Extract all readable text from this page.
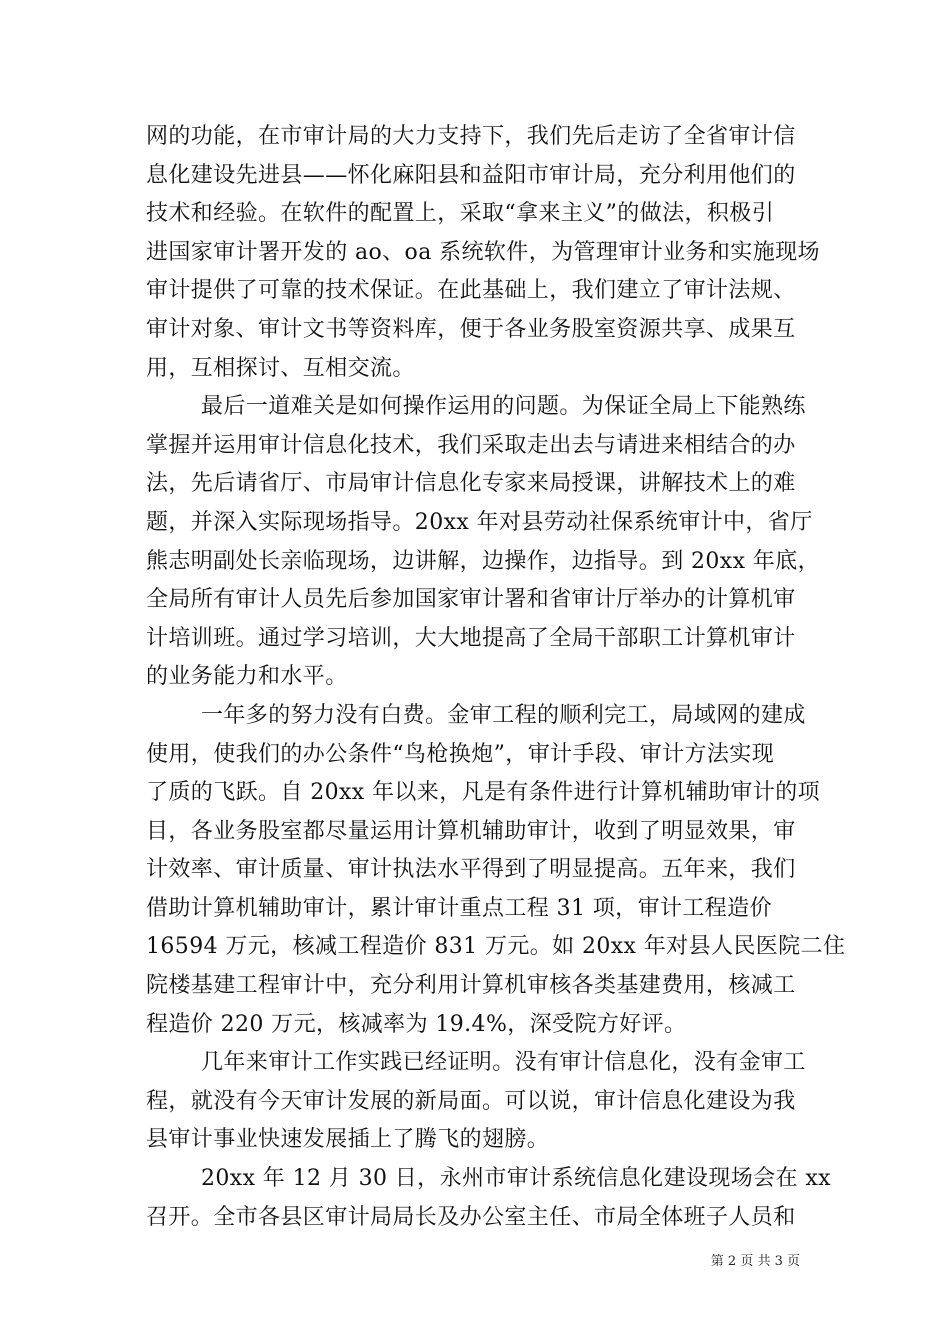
网的功能，在市审计局的大力支持下，我们先后走访了全省审计信
息化建设先进县——怀化麻阳县和益阳市审计局，充分利用他们的
技术和经验。在软件的配置上，采取“拿来主义”的做法，积极引
进国家审计署开发的 ao、oa 系统软件，为管理审计业务和实施现场
审计提供了可靠的技术保证。在此基础上，我们建立了审计法规、
审计对象、审计文书等资料库，便于各业务股室资源共享、成果互
用，互相探讨、互相交流。
最后一道难关是如何操作运用的问题。为保证全局上下能熟练
掌握并运用审计信息化技术，我们采取走出去与请进来相结合的办
法，先后请省厅、市局审计信息化专家来局授课，讲解技术上的难
题，并深入实际现场指导。20xx 年对县劳动社保系统审计中，省厅
熊志明副处长亲临现场，边讲解，边操作，边指导。到 20xx 年底，
全局所有审计人员先后参加国家审计署和省审计厅举办的计算机审
计培训班。通过学习培训，大大地提高了全局干部职工计算机审计
的业务能力和水平。
一年多的努力没有白费。金审工程的顺利完工，局域网的建成
使用，使我们的办公条件“鸟枪换炮”，审计手段、审计方法实现
了质的飞跃。自 20xx 年以来，凡是有条件进行计算机辅助审计的项
目，各业务股室都尽量运用计算机辅助审计，收到了明显效果，审
计效率、审计质量、审计执法水平得到了明显提高。五年来，我们
借助计算机辅助审计，累计审计重点工程 31 项，审计工程造价
16594 万元，核减工程造价 831 万元。如 20xx 年对县人民医院二住
院楼基建工程审计中，充分利用计算机审核各类基建费用，核减工
程造价 220 万元，核减率为 19.4%，深受院方好评。
几年来审计工作实践已经证明。没有审计信息化，没有金审工
程，就没有今天审计发展的新局面。可以说，审计信息化建设为我
县审计事业快速发展插上了腾飞的翅膀。
20xx 年 12 月 30 日，永州市审计系统信息化建设现场会在 xx
召开。全市各县区审计局局长及办公室主任、市局全体班子人员和
第 2 页 共 3 页
